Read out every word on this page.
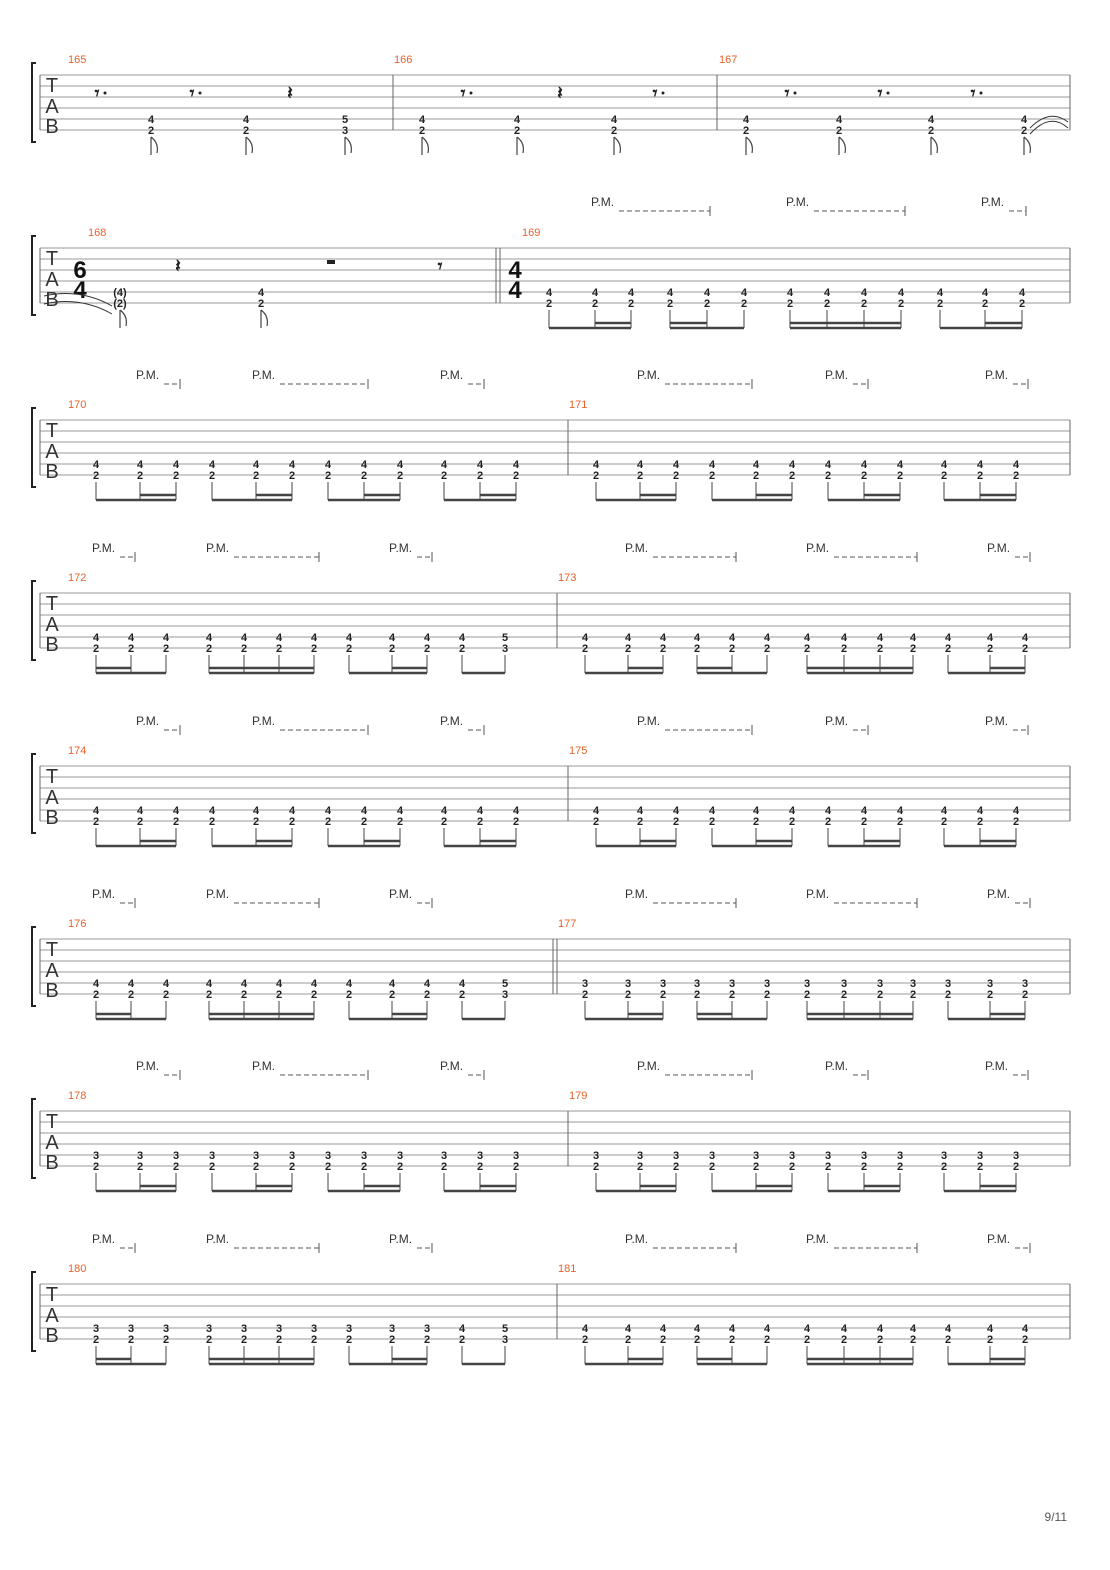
T
A
B
165	166	167
𝄾
4
2
𝄾
4
2
𝄽
5
3
4
2
𝄾
4
2
𝄽
4
2
𝄾
4
2
𝄾
4
2
𝄾
4
2
𝄾
4
2
T
A
B
168	169
6
4
4
4
(4)
(2)
𝄽
4
2
𝄾
4
2
4
2
4
2
4
2
4
2
4
2
4
2
4
2
4
2
4
2
4
2
4
2
4
2
P.M.	P.M.	P.M.
T
A
B
170	171
4
2
4
2
4
2
4
2
4
2
4
2
4
2
4
2
4
2
4
2
4
2
4
2
4
2
4
2
4
2
4
2
4
2
4
2
4
2
4
2
4
2
4
2
4
2
4
2
P.M.	P.M.	P.M.	P.M.	P.M.	P.M.
T
A
B
172	173
4
2
4
2
4
2
4
2
4
2
4
2
4
2
4
2
4
2
4
2
4
2
5
3
4
2
4
2
4
2
4
2
4
2
4
2
4
2
4
2
4
2
4
2
4
2
4
2
4
2
P.M.	P.M.	P.M.	P.M.	P.M.	P.M.
T
A
B
174	175
4
2
4
2
4
2
4
2
4
2
4
2
4
2
4
2
4
2
4
2
4
2
4
2
4
2
4
2
4
2
4
2
4
2
4
2
4
2
4
2
4
2
4
2
4
2
4
2
P.M.	P.M.	P.M.	P.M.	P.M.	P.M.
T
A
B
176	177
4
2
4
2
4
2
4
2
4
2
4
2
4
2
4
2
4
2
4
2
4
2
5
3
3
2
3
2
3
2
3
2
3
2
3
2
3
2
3
2
3
2
3
2
3
2
3
2
3
2
P.M.	P.M.	P.M.	P.M.	P.M.	P.M.
T
A
B
178	179
3
2
3
2
3
2
3
2
3
2
3
2
3
2
3
2
3
2
3
2
3
2
3
2
3
2
3
2
3
2
3
2
3
2
3
2
3
2
3
2
3
2
3
2
3
2
3
2
P.M.	P.M.	P.M.	P.M.	P.M.	P.M.
T
A
B
180	181
3
2
3
2
3
2
3
2
3
2
3
2
3
2
3
2
3
2
3
2
4
2
5
3
4
2
4
2
4
2
4
2
4
2
4
2
4
2
4
2
4
2
4
2
4
2
4
2
4
2
P.M.	P.M.	P.M.	P.M.	P.M.	P.M.
9/11
